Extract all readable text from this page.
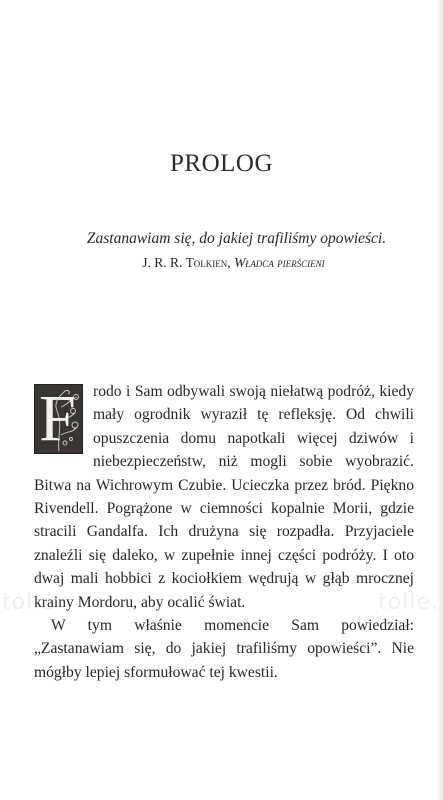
PROLOG
Zastanawiam się, do jakiej trafiliśmy opowieści.
J. R. R. Tolkien, Władca pierścieni

F rodo i Sam odbywali swoją niełatwą podróż, kiedy mały ogrodnik wyraził tę refleksję. Od chwili opuszczenia domu napotkali więcej dziwów i niebezpieczeństw, niż mogli sobie wyobrazić. Bitwa na Wichrowym Czubie. Ucieczka przez bród. Piękno Rivendell. Pogrążone w ciemności kopalnie Morii, gdzie stracili Gandalfa. Ich drużyna się rozpadła. Przyjaciele znaleźli się daleko, w zupełnie innej części podróży. I oto dwaj mali hobbici z kociołkiem wędrują w głąb mrocznej krainy Mordoru, aby ocalić świat.

W tym właśnie momencie Sam powiedział: „Zastanawiam się, do jakiej trafiliśmy opowieści”. Nie mógłby lepiej sformułować tej kwestii.

tolle	tolle.
